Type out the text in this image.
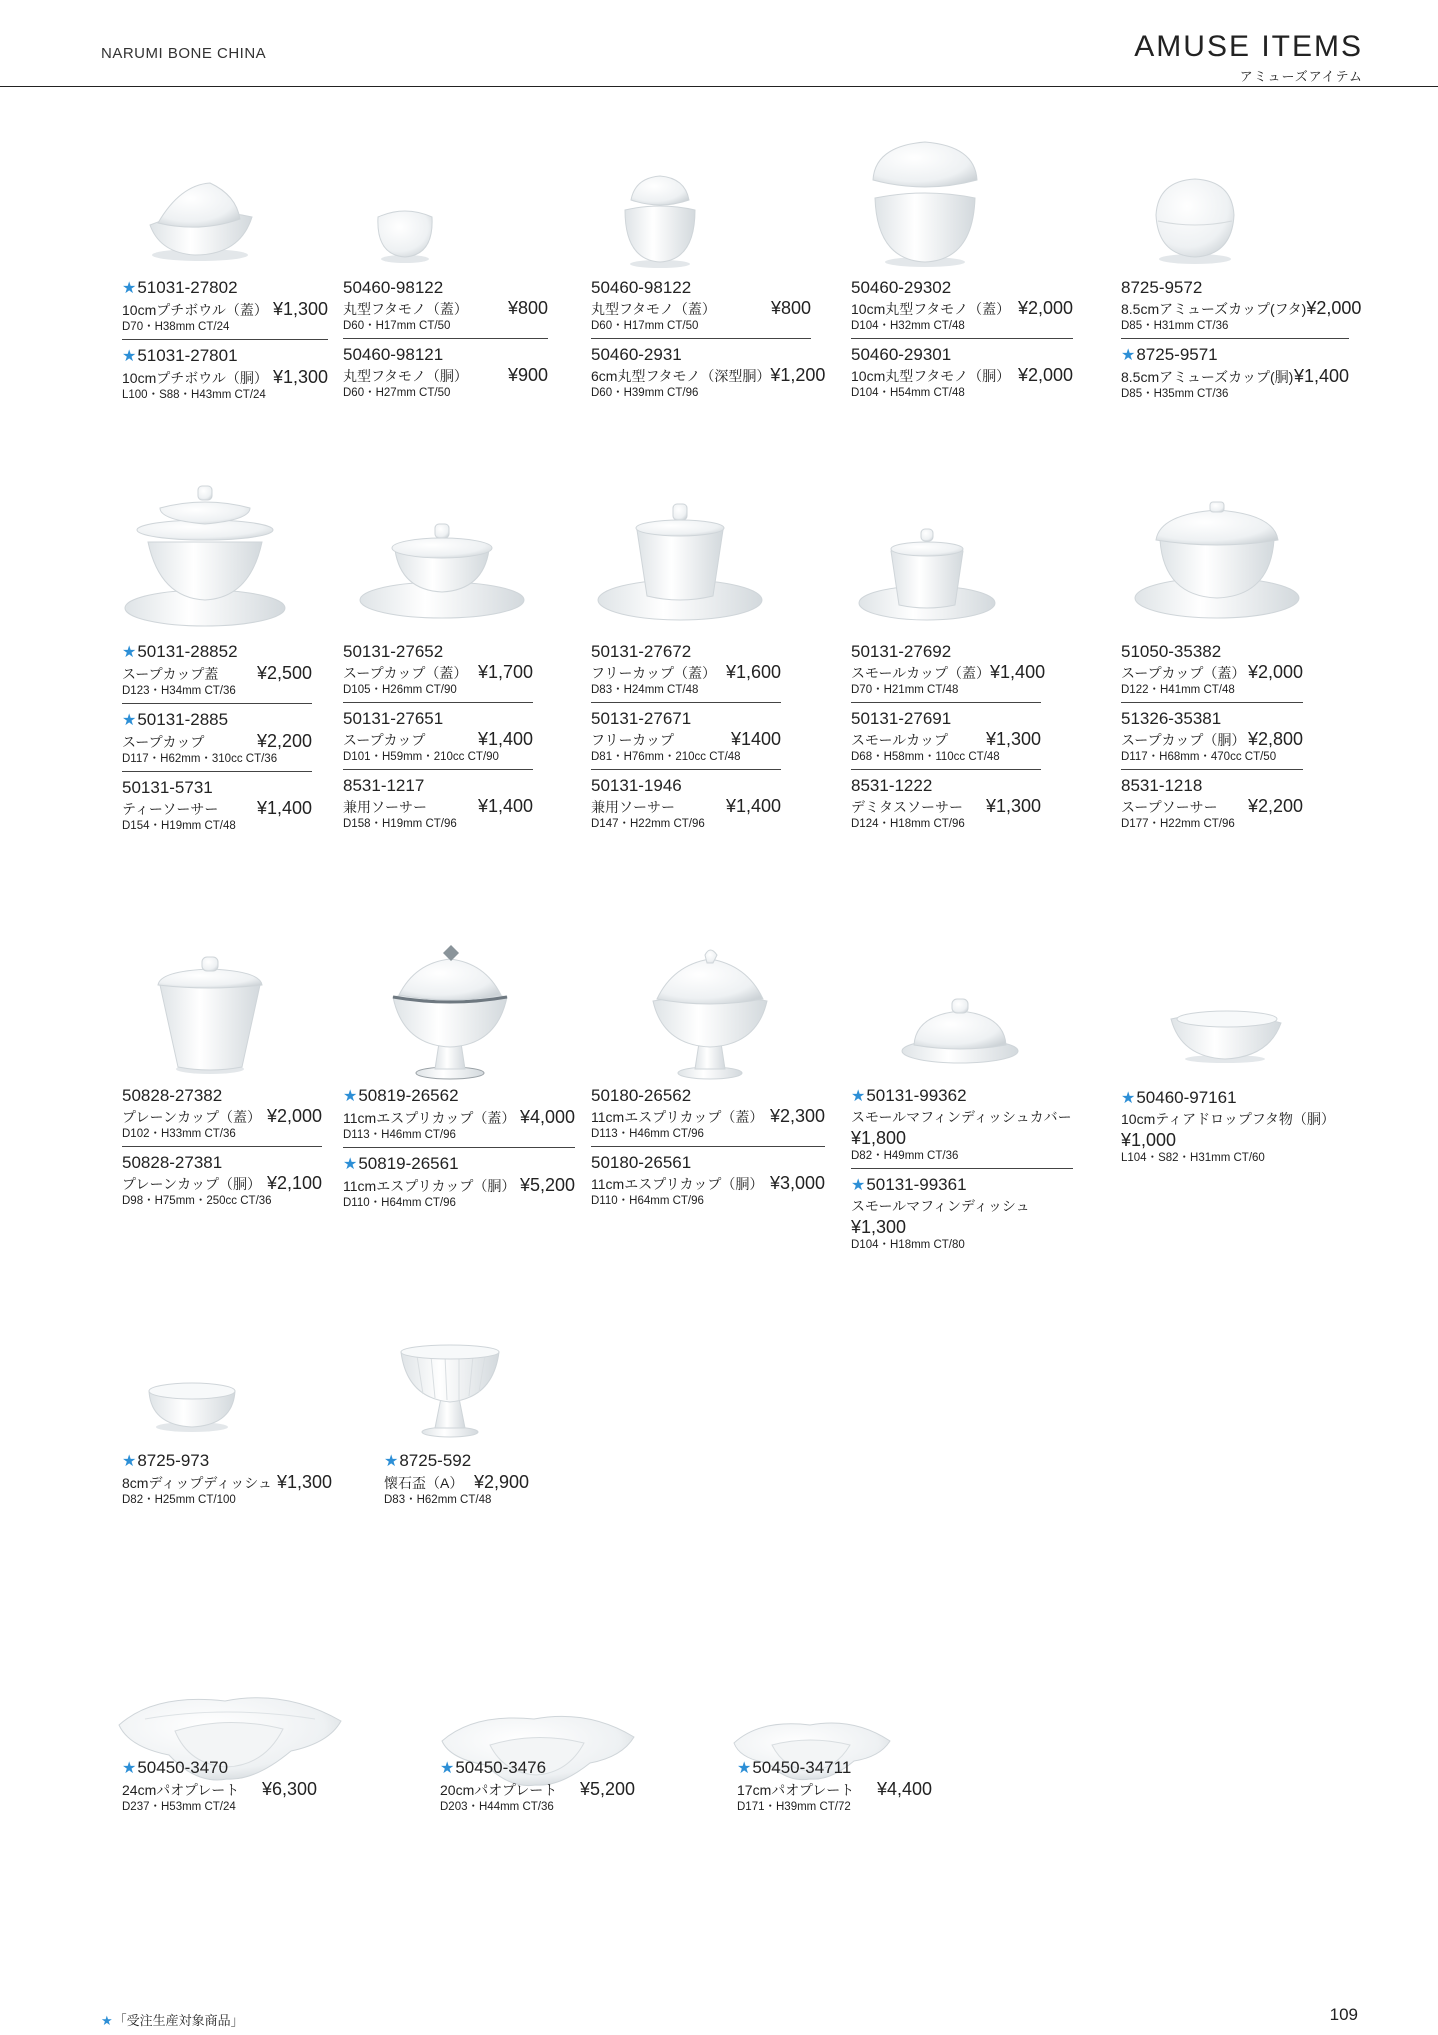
NARUMI BONE CHINA	AMUSE ITEMS
アミューズアイテム
★51031-27802
10cmプチボウル（蓋） ¥1,300
D70・H38mm CT/24
★51031-27801
10cmプチボウル（胴） ¥1,300
L100・S88・H43mm CT/24
50460-98122
丸型フタモノ（蓋） ¥800
D60・H17mm CT/50
50460-98121
丸型フタモノ（胴） ¥900
D60・H27mm CT/50
50460-98122
丸型フタモノ（蓋）	¥800
D60・H17mm CT/50
50460-2931
6cm丸型フタモノ（深型胴） ¥1,200
D60・H39mm CT/96
50460-29302
10cm丸型フタモノ（蓋） ¥2,000
D104・H32mm CT/48
50460-29301
10cm丸型フタモノ（胴） ¥2,000
D104・H54mm CT/48
8725-9572
8.5cmアミューズカップ(フタ) ¥2,000
D85・H31mm CT/36
★8725-9571
8.5cmアミューズカップ(胴) ¥1,400
D85・H35mm CT/36
★50131-28852
スープカップ蓋 ¥2,500
D123・H34mm CT/36
★50131-2885
スープカップ	¥2,200
D117・H62mm・310cc CT/36
50131-5731
ティーソーサー ¥1,400
D154・H19mm CT/48
50131-27652
スープカップ（蓋） ¥1,700
D105・H26mm CT/90
50131-27651
スープカップ	¥1,400
D101・H59mm・210cc CT/90
8531-1217
兼用ソーサー	¥1,400
D158・H19mm CT/96
50131-27672
フリーカップ（蓋） ¥1,600
D83・H24mm CT/48
50131-27671
フリーカップ	¥1400
D81・H76mm・210cc CT/48
50131-1946
兼用ソーサー	¥1,400
D147・H22mm CT/96
50131-27692
スモールカップ（蓋） ¥1,400
D70・H21mm CT/48
50131-27691
スモールカップ ¥1,300
D68・H58mm・110cc CT/48
8531-1222
デミタスソーサー ¥1,300
D124・H18mm CT/96
51050-35382
スープカップ（蓋） ¥2,000
D122・H41mm CT/48
51326-35381
スープカップ（胴） ¥2,800
D117・H68mm・470cc CT/50
8531-1218
スープソーサー ¥2,200
D177・H22mm CT/96
50828-27382
プレーンカップ（蓋） ¥2,000
D102・H33mm CT/36
50828-27381
プレーンカップ（胴） ¥2,100
D98・H75mm・250cc CT/36
★50819-26562
11cmエスプリカップ（蓋） ¥4,000
D113・H46mm CT/96
★50819-26561
11cmエスプリカップ（胴） ¥5,200
D110・H64mm CT/96
50180-26562
11cmエスプリカップ（蓋） ¥2,300
D113・H46mm CT/96
50180-26561
11cmエスプリカップ（胴） ¥3,000
D110・H64mm CT/96
★50131-99362
スモールマフィンディッシュカバー
¥1,800
D82・H49mm CT/36
★50131-99361
スモールマフィンディッシュ
¥1,300
D104・H18mm CT/80
★50460-97161
10cmティアドロップフタ物（胴）
¥1,000
L104・S82・H31mm CT/60
★8725-973
8cmディップディッシュ ¥1,300
D82・H25mm CT/100
★8725-592
懐石盃（A） ¥2,900
D83・H62mm CT/48
★50450-3470
24cmパオプレート ¥6,300
D237・H53mm CT/24
★50450-3476
20cmパオプレート ¥5,200
D203・H44mm CT/36
★50450-34711
17cmパオプレート ¥4,400
D171・H39mm CT/72
★「受注生産対象商品」	109
